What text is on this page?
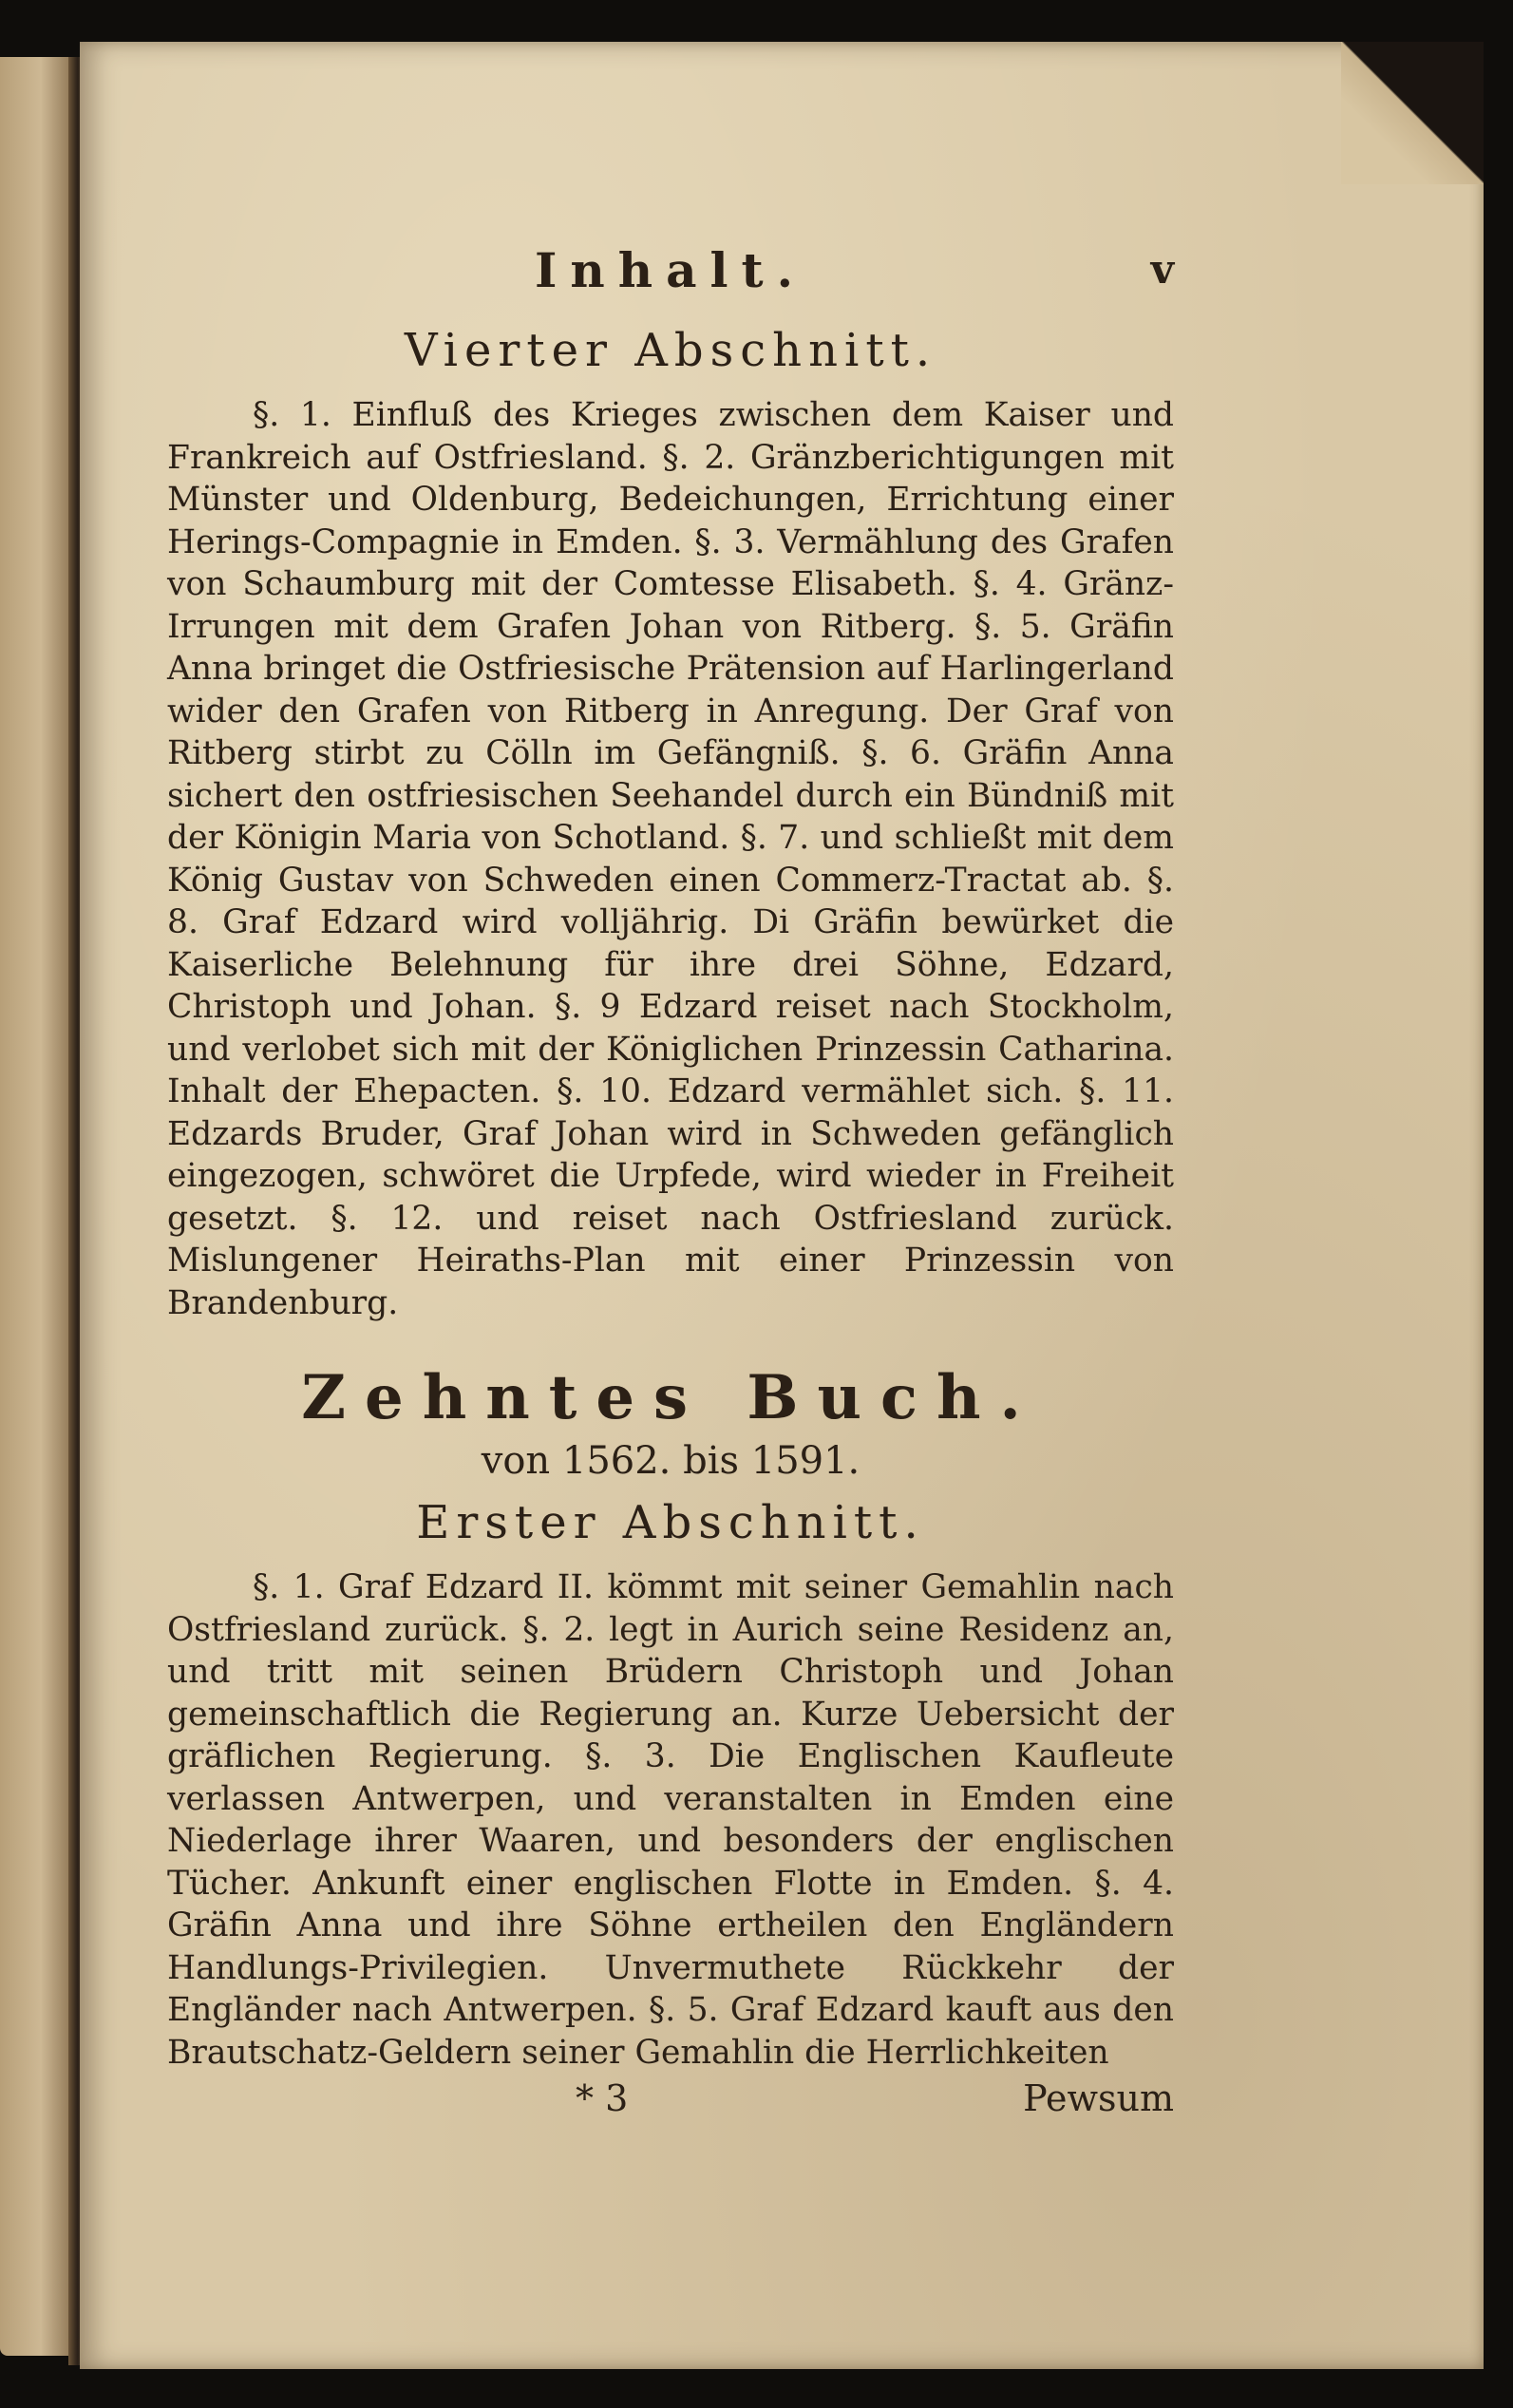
Inhalt.	v
Vierter Abschnitt.

§. 1. Einfluß des Krieges zwischen dem Kaiser und Frankreich auf Ostfriesland. §. 2. Gränzberichtigungen mit Münster und Oldenburg, Bedeichungen, Errichtung einer Herings-Compagnie in Emden. §. 3. Vermählung des Grafen von Schaumburg mit der Comtesse Elisabeth. §. 4. Gränz-Irrungen mit dem Grafen Johan von Ritberg. §. 5. Gräfin Anna bringet die Ostfriesische Prätension auf Harlingerland wider den Grafen von Ritberg in Anregung. Der Graf von Ritberg stirbt zu Cölln im Gefängniß. §. 6. Gräfin Anna sichert den ostfriesischen Seehandel durch ein Bündniß mit der Königin Maria von Schotland. §. 7. und schließt mit dem König Gustav von Schweden einen Commerz-Tractat ab. §. 8. Graf Edzard wird volljährig. Di Gräfin bewürket die Kaiserliche Belehnung für ihre drei Söhne, Edzard, Christoph und Johan. §. 9 Edzard reiset nach Stockholm, und verlobet sich mit der Königlichen Prinzessin Catharina. Inhalt der Ehepacten. §. 10. Edzard vermählet sich. §. 11. Edzards Bruder, Graf Johan wird in Schweden gefänglich eingezogen, schwöret die Urpfede, wird wieder in Freiheit gesetzt. §. 12. und reiset nach Ostfriesland zurück. Mislungener Heiraths-Plan mit einer Prinzessin von Brandenburg.

Zehntes Buch.
von 1562. bis 1591.
Erster Abschnitt.

§. 1. Graf Edzard II. kömmt mit seiner Gemahlin nach Ostfriesland zurück. §. 2. legt in Aurich seine Residenz an, und tritt mit seinen Brüdern Christoph und Johan gemeinschaftlich die Regierung an. Kurze Uebersicht der gräflichen Regierung. §. 3. Die Englischen Kaufleute verlassen Antwerpen, und veranstalten in Emden eine Niederlage ihrer Waaren, und besonders der englischen Tücher. Ankunft einer englischen Flotte in Emden. §. 4. Gräfin Anna und ihre Söhne ertheilen den Engländern Handlungs-Privilegien. Unvermuthete Rückkehr der Engländer nach Antwerpen. §. 5. Graf Edzard kauft aus den Brautschatz-Geldern seiner Gemahlin die Herrlichkeiten

* 3	Pewsum
